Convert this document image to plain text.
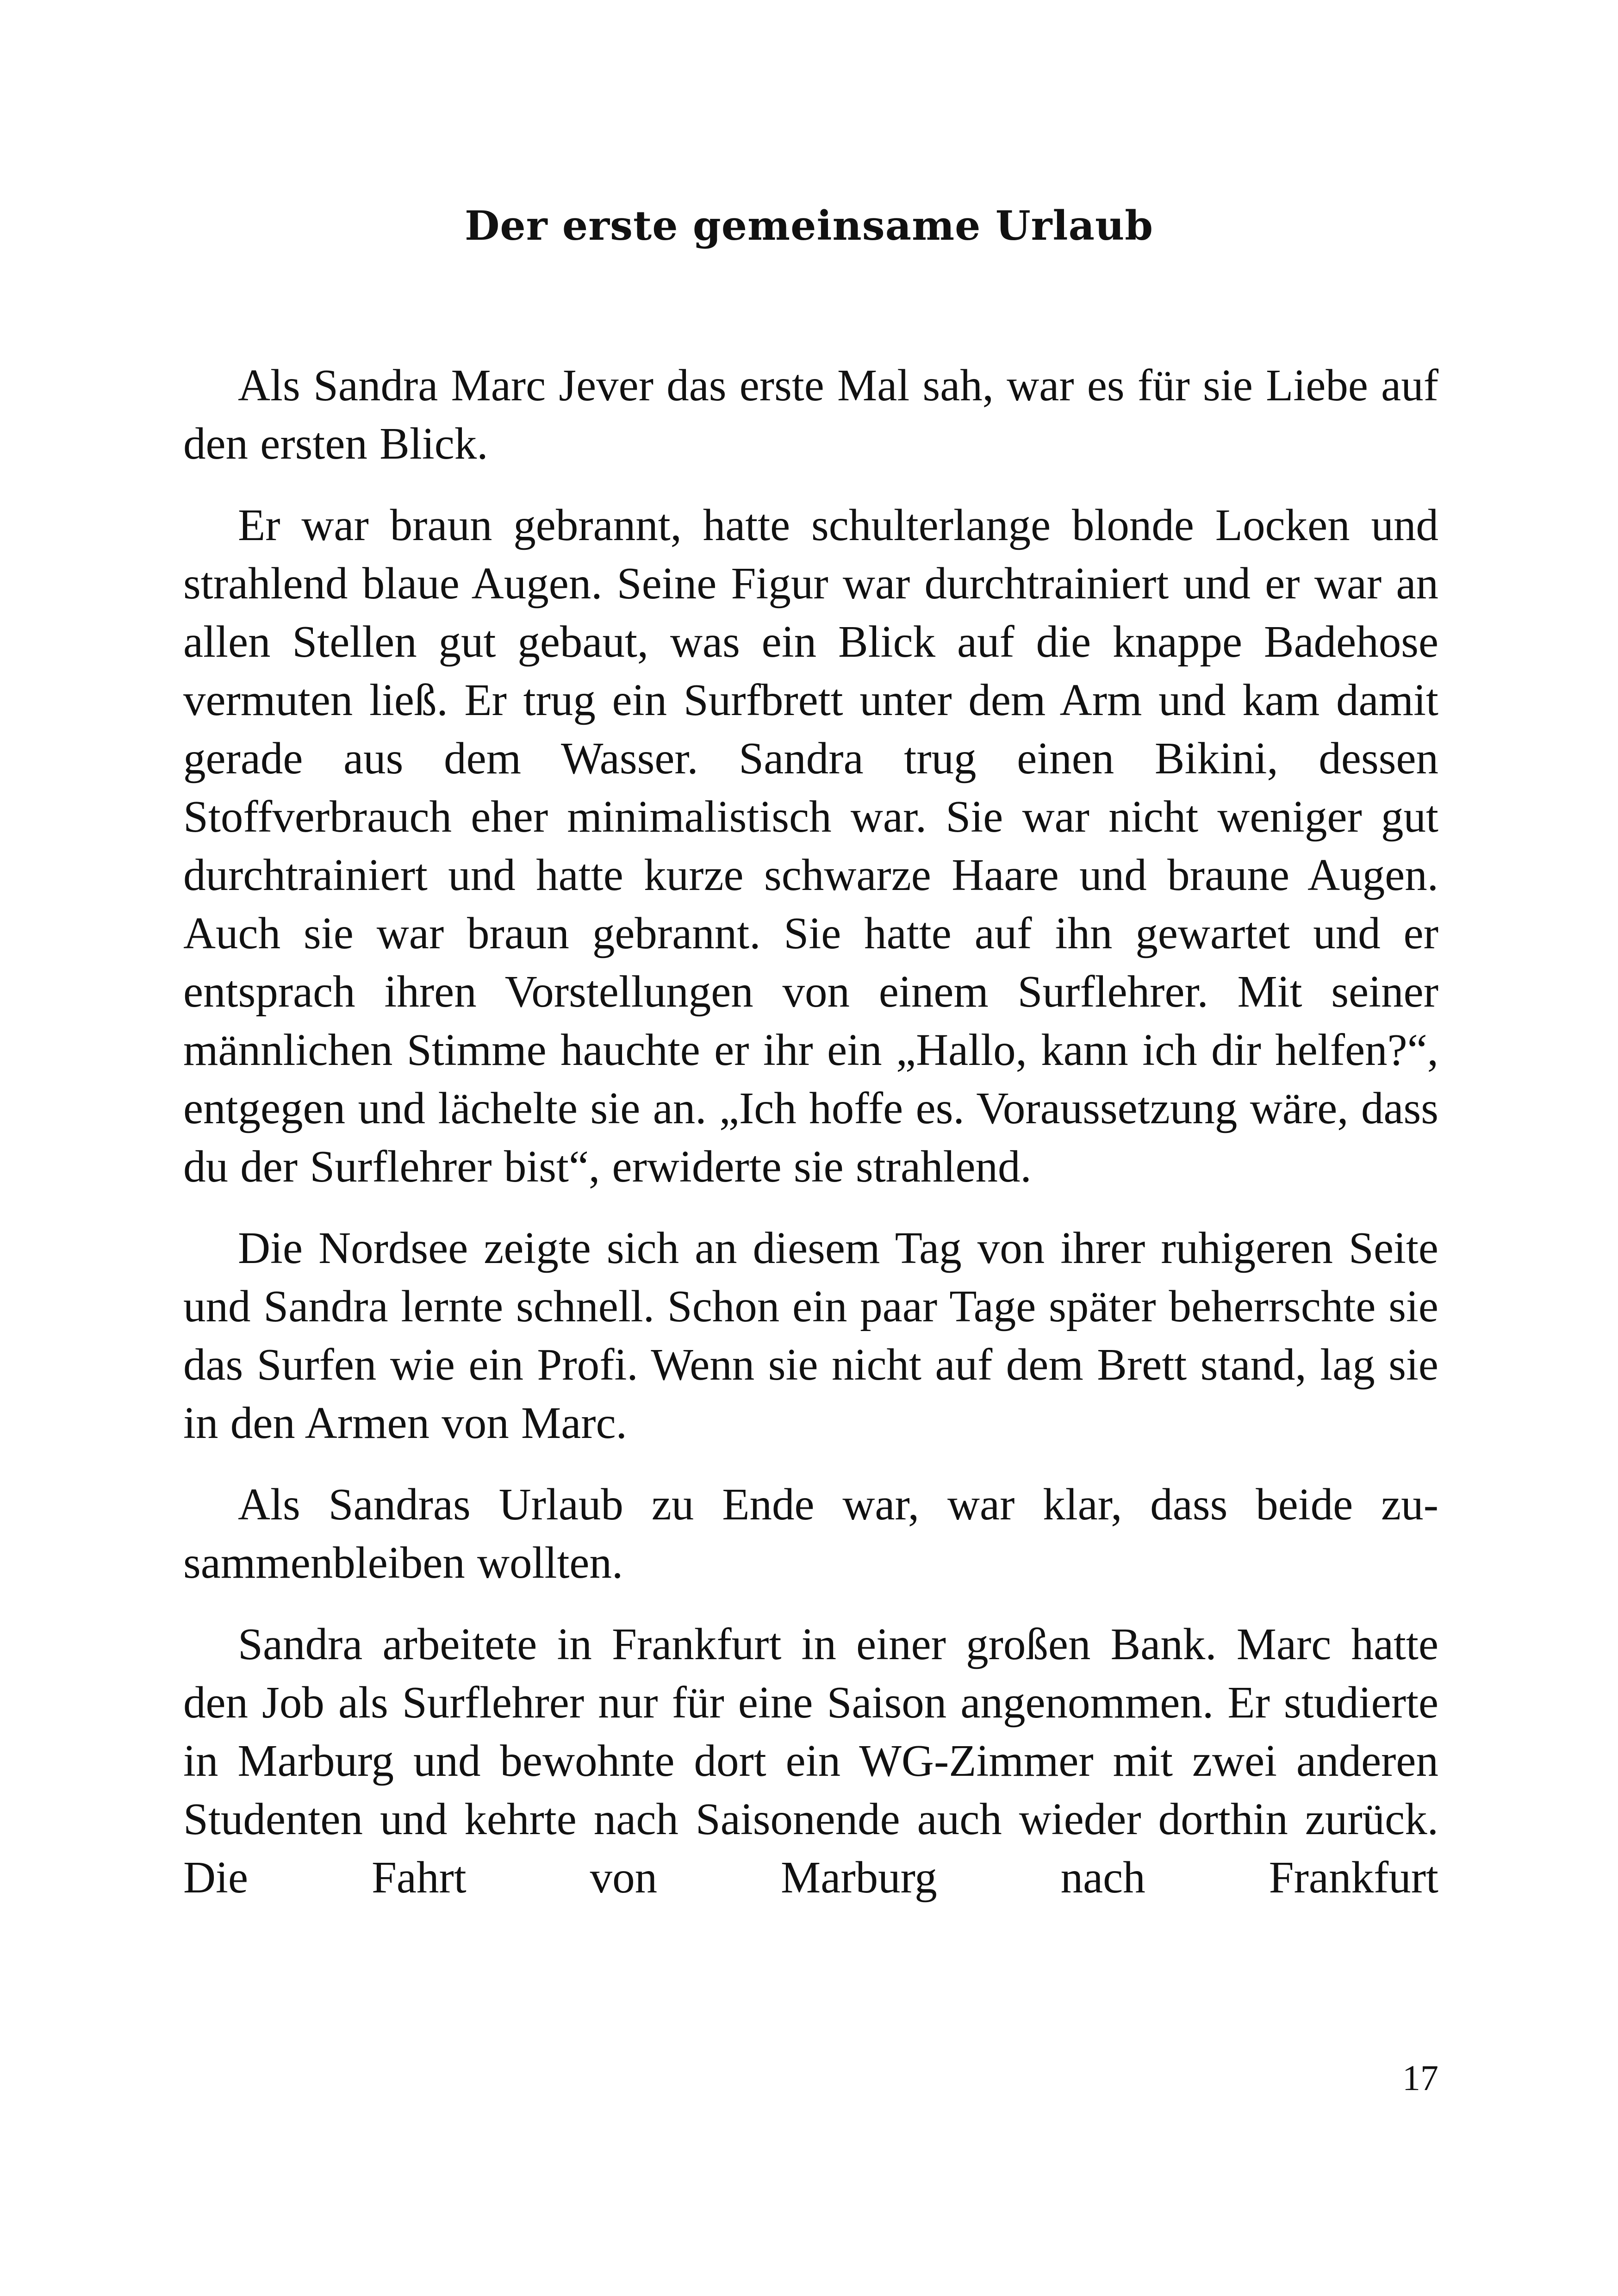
Der erste gemeinsame Urlaub

Als Sandra Marc Jever das erste Mal sah, war es für sie Liebe auf den ersten Blick.

Er war braun gebrannt, hatte schulterlange blonde Locken und strahlend blaue Augen. Seine Figur war durchtrainiert und er war an allen Stellen gut gebaut, was ein Blick auf die knappe Badehose vermuten ließ. Er trug ein Surfbrett unter dem Arm und kam damit gerade aus dem Wasser. Sandra trug einen Bikini, dessen Stoffverbrauch eher minimalistisch war. Sie war nicht weniger gut durchtrainiert und hatte kurze schwarze Haare und braune Augen. Auch sie war braun gebrannt. Sie hatte auf ihn gewartet und er entsprach ihren Vorstellungen von einem Surflehrer. Mit seiner männlichen Stimme hauchte er ihr ein „Hallo, kann ich dir helfen?“, entgegen und lächelte sie an. „Ich hoffe es. Voraussetzung wäre, dass du der Surflehrer bist“, erwiderte sie strahlend.

Die Nordsee zeigte sich an diesem Tag von ihrer ruhigeren Seite und Sandra lernte schnell. Schon ein paar Tage später beherrschte sie das Surfen wie ein Profi. Wenn sie nicht auf dem Brett stand, lag sie in den Armen von Marc.

Als Sandras Urlaub zu Ende war, war klar, dass beide zusammenbleiben wollten.

Sandra arbeitete in Frankfurt in einer großen Bank. Marc hatte den Job als Surflehrer nur für eine Saison angenommen. Er studierte in Marburg und bewohnte dort ein WG-Zimmer mit zwei anderen Studenten und kehrte nach Saisonende auch wieder dorthin zurück. Die Fahrt von Marburg nach Frankfurt

17
